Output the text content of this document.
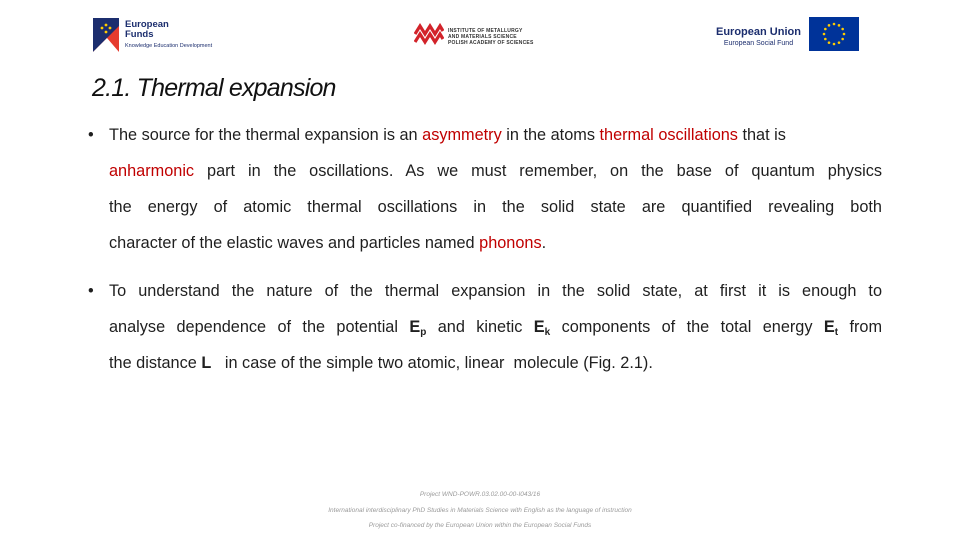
European
Funds
Knowledge Education Development
INSTITUTE OF METALLURGY
AND MATERIALS SCIENCE
POLISH ACADEMY OF SCIENCES
European Union
European Social Fund
2.1. Thermal expansion
• The source for the thermal expansion is an asymmetry in the atoms thermal oscillations that is
anharmonic part in the oscillations. As we must remember, on the base of quantum physics
the energy of atomic thermal oscillations in the solid state are quantified revealing both
character of the elastic waves and particles named phonons.
• To understand the nature of the thermal expansion in the solid state, at first it is enough to
analyse dependence of the potential $E_p$ and kinetic $E_k$ components of the total energy $E_t$ from
the distance L   in case of the simple two atomic, linear  molecule (Fig. 2.1).
Project WND-POWR.03.02.00-00-I043/16
International interdisciplinary PhD Studies in Materials Science with English as the language of instruction
Project co-financed by the European Union within the European Social Funds
